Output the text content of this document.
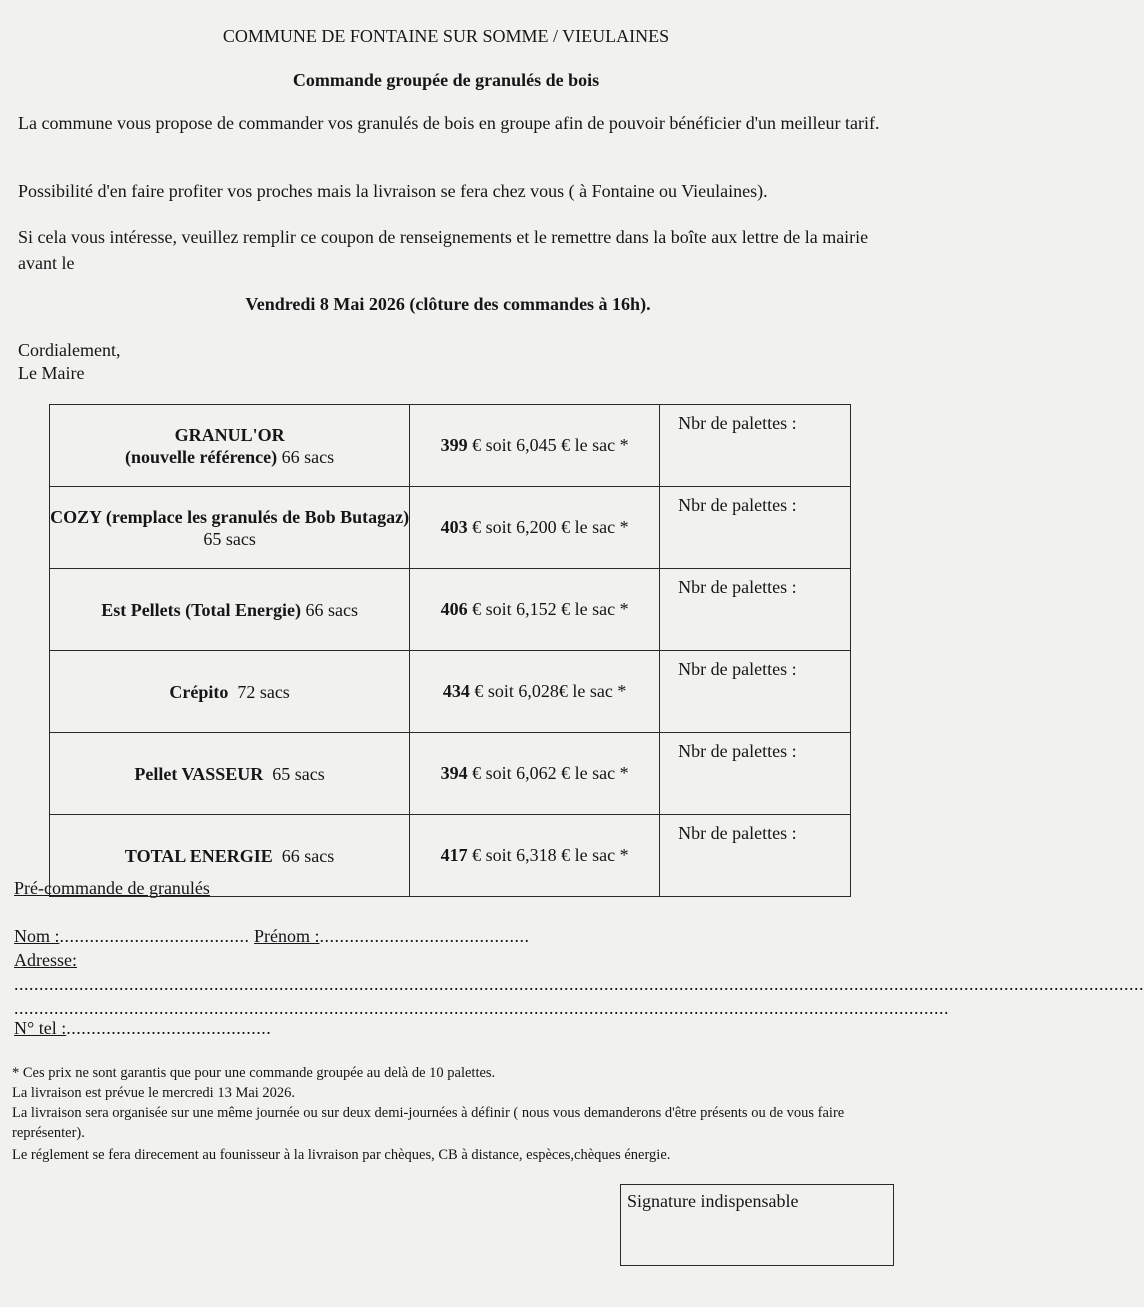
COMMUNE DE FONTAINE SUR SOMME / VIEULAINES
Commande groupée de granulés de bois
La commune vous propose de commander vos granulés de bois en groupe afin de pouvoir bénéficier d'un meilleur tarif.
Possibilité d'en faire profiter vos proches mais la livraison se fera chez vous ( à Fontaine ou Vieulaines).
Si cela vous intéresse, veuillez remplir ce coupon de renseignements et le remettre dans la boîte aux lettre de la mairie avant le
Vendredi 8 Mai 2026 (clôture des commandes à 16h).
Cordialement,
Le Maire
GRANUL'OR
(nouvelle référence) 66 sacs	399 € soit 6,045 € le sac *	Nbr de palettes :
COZY (remplace les granulés de Bob Butagaz) 65 sacs	403 € soit 6,200 € le sac *	Nbr de palettes :
Est Pellets (Total Energie) 66 sacs	406 € soit 6,152 € le sac *	Nbr de palettes :
Crépito  72 sacs	434 € soit 6,028€ le sac *	Nbr de palettes :
Pellet VASSEUR  65 sacs	394 € soit 6,062 € le sac *	Nbr de palettes :
TOTAL ENERGIE  66 sacs	417 € soit 6,318 € le sac *	Nbr de palettes :
Pré-commande de granulés
Nom :...................................... Prénom :..........................................
Adresse:
..................................................................................................................................................................................................................................
...........................................................................................................................................................................................
N° tel :.........................................
* Ces prix ne sont garantis que pour une commande groupée au delà de 10 palettes.
La livraison est prévue le mercredi 13 Mai 2026.
La livraison sera organisée sur une même journée ou sur deux demi-journées à définir ( nous vous demanderons d'être présents ou de vous faire représenter).
Le réglement se fera direcement au founisseur à la livraison par chèques, CB à distance, espèces,chèques énergie.
Signature indispensable
